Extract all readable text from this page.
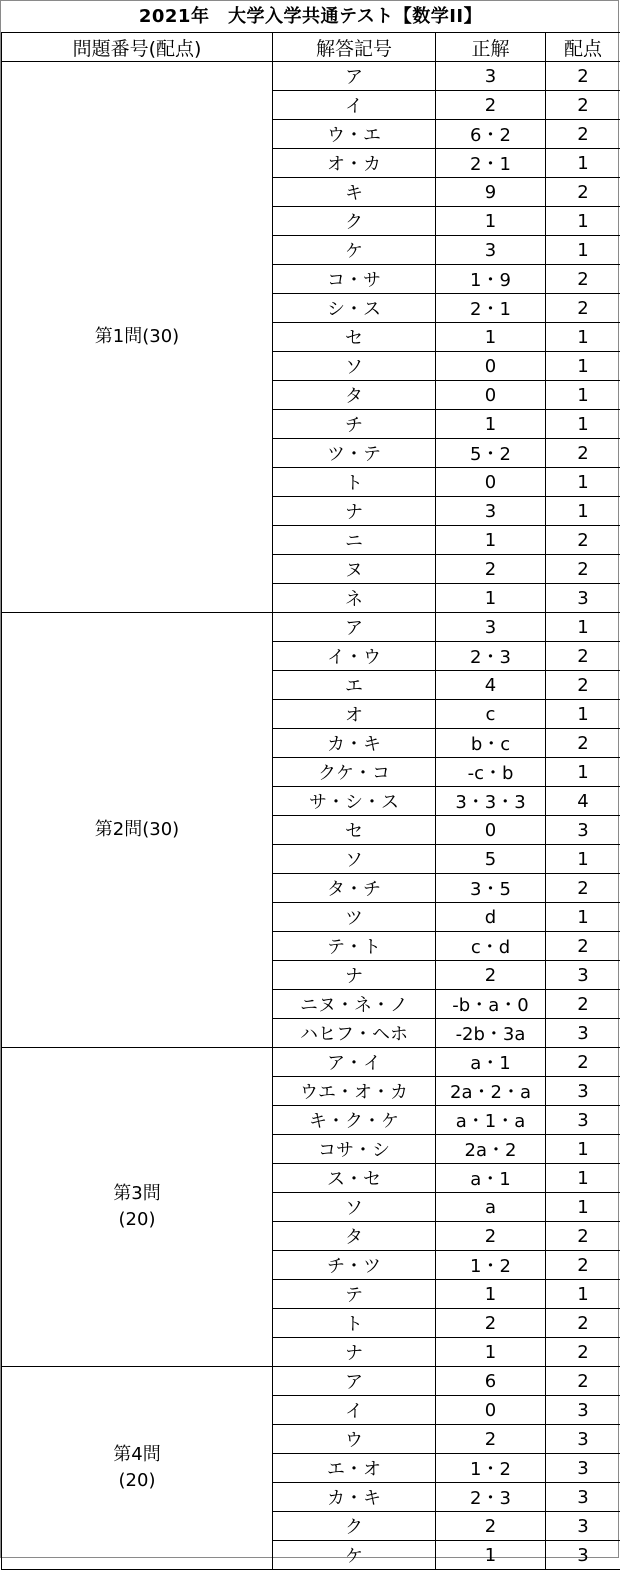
2021年　大学入学共通テスト【数学II】
問題番号(配点)	解答記号	正解	配点

第1問(30)	ア	3	2
	イ	2	2
	ウ・エ	6・2	2
	オ・カ	2・1	1
	キ	9	2
	ク	1	1
	ケ	3	1
	コ・サ	1・9	2
	シ・ス	2・1	2
	セ	1	1
	ソ	0	1
	タ	0	1
	チ	1	1
	ツ・テ	5・2	2
	ト	0	1
	ナ	3	1
	ニ	1	2
	ヌ	2	2
	ネ	1	3

第2問(30)	ア	3	1
	イ・ウ	2・3	2
	エ	4	2
	オ	c	1
	カ・キ	b・c	2
	クケ・コ	-c・b	1
	サ・シ・ス	3・3・3	4
	セ	0	3
	ソ	5	1
	タ・チ	3・5	2
	ツ	d	1
	テ・ト	c・d	2
	ナ	2	3
	ニヌ・ネ・ノ	-b・a・0	2
	ハヒフ・ヘホ	-2b・3a	3

第3問
(20)	ア・イ	a・1	2
	ウエ・オ・カ	2a・2・a	3
	キ・ク・ケ	a・1・a	3
	コサ・シ	2a・2	1
	ス・セ	a・1	1
	ソ	a	1
	タ	2	2
	チ・ツ	1・2	2
	テ	1	1
	ト	2	2
	ナ	1	2

第4問
(20)	ア	6	2
	イ	0	3
	ウ	2	3
	エ・オ	1・2	3
	カ・キ	2・3	3
	ク	2	3
	ケ	1	3
